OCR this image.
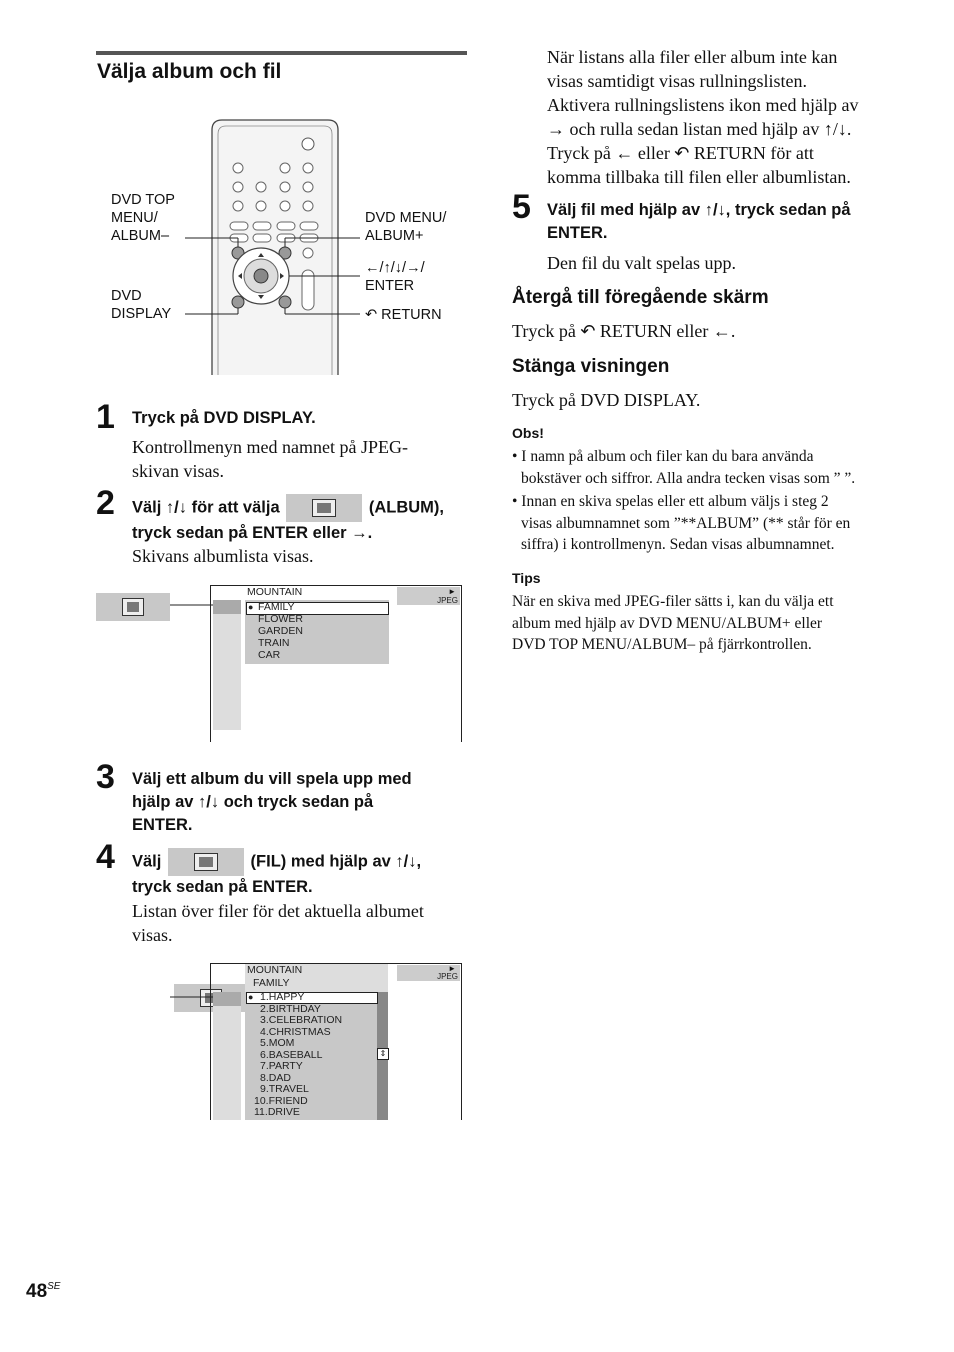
Välja album och fil
DVD TOP
MENU/
ALBUM–
DVD
DISPLAY
DVD MENU/
ALBUM+
←/↑/↓/→/
ENTER
↶ RETURN
1 Tryck på DVD DISPLAY.
Kontrollmenyn med namnet på JPEG-
skivan visas.
2 Välj ↑/↓ för att välja	(ALBUM),
tryck sedan på ENTER eller →.
Skivans albumlista visas.

MOUNTAIN	►
JPEG
● FAMILY
FLOWER
GARDEN
TRAIN
CAR
3 Välj ett album du vill spela upp med
hjälp av ↑/↓ och tryck sedan på
ENTER.
4 Välj	(FIL) med hjälp av ↑/↓,
tryck sedan på ENTER.
Listan över filer för det aktuella albumet
visas.
MOUNTAIN
FAMILY
►
JPEG
⇕
● 1.HAPPY
2.BIRTHDAY
3.CELEBRATION
4.CHRISTMAS
5.MOM
6.BASEBALL
7.PARTY
8.DAD
9.TRAVEL
10.FRIEND
11.DRIVE
$48^{SE}$
När listans alla filer eller album inte kan
visas samtidigt visas rullningslisten.
Aktivera rullningslistens ikon med hjälp av
→ och rulla sedan listan med hjälp av ↑/↓.
Tryck på ← eller ↶ RETURN för att
komma tillbaka till filen eller albumlistan.
5 Välj fil med hjälp av ↑/↓, tryck sedan på
ENTER.
Den fil du valt spelas upp.
Återgå till föregående skärm
Tryck på ↶ RETURN eller ←.
Stänga visningen
Tryck på DVD DISPLAY.
Obs!
• I namn på album och filer kan du bara använda
bokstäver och siffror. Alla andra tecken visas som ” ”.
• Innan en skiva spelas eller ett album väljs i steg 2
visas albumnamnet som ”**ALBUM” (** står för en
siffra) i kontrollmenyn. Sedan visas albumnamnet.
Tips
När en skiva med JPEG-filer sätts i, kan du välja ett
album med hjälp av DVD MENU/ALBUM+ eller
DVD TOP MENU/ALBUM– på fjärrkontrollen.
